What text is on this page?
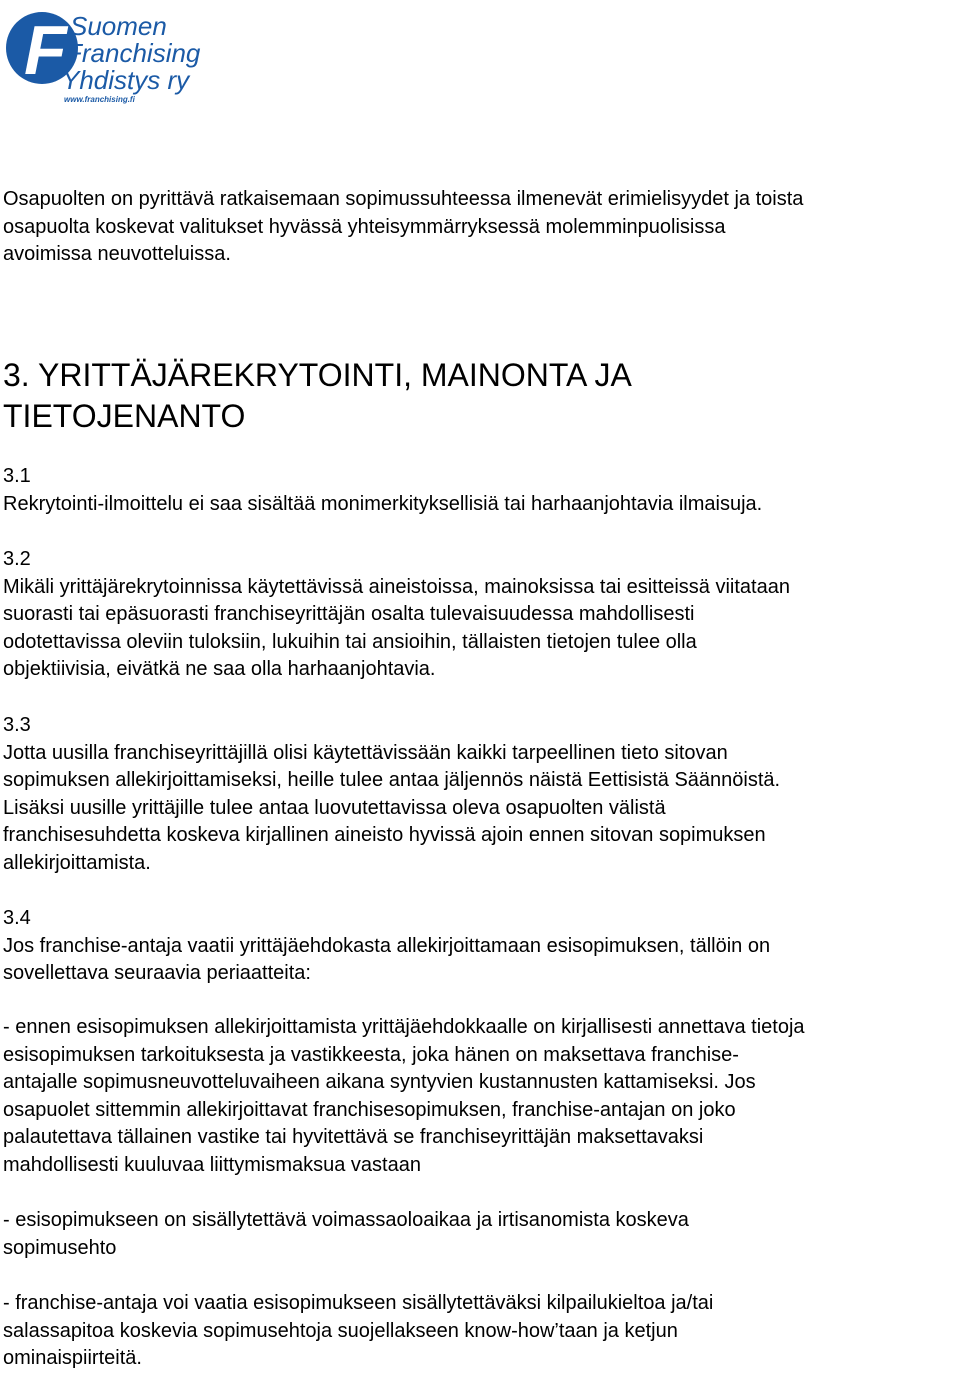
F Suomen
Franchising
Yhdistys ry
www.franchising.fi
Osapuolten on pyrittävä ratkaisemaan sopimussuhteessa ilmenevät erimielisyydet ja toista
osapuolta koskevat valitukset hyvässä yhteisymmärryksessä molemminpuolisissa
avoimissa neuvotteluissa.
3. YRITTÄJÄREKRYTOINTI, MAINONTA JA
TIETOJENANTO
3.1
Rekrytointi-ilmoittelu ei saa sisältää monimerkityksellisiä tai harhaanjohtavia ilmaisuja.
3.2
Mikäli yrittäjärekrytoinnissa käytettävissä aineistoissa, mainoksissa tai esitteissä viitataan
suorasti tai epäsuorasti franchiseyrittäjän osalta tulevaisuudessa mahdollisesti
odotettavissa oleviin tuloksiin, lukuihin tai ansioihin, tällaisten tietojen tulee olla
objektiivisia, eivätkä ne saa olla harhaanjohtavia.
3.3
Jotta uusilla franchiseyrittäjillä olisi käytettävissään kaikki tarpeellinen tieto sitovan
sopimuksen allekirjoittamiseksi, heille tulee antaa jäljennös näistä Eettisistä Säännöistä.
Lisäksi uusille yrittäjille tulee antaa luovutettavissa oleva osapuolten välistä
franchisesuhdetta koskeva kirjallinen aineisto hyvissä ajoin ennen sitovan sopimuksen
allekirjoittamista.
3.4
Jos franchise-antaja vaatii yrittäjäehdokasta allekirjoittamaan esisopimuksen, tällöin on
sovellettava seuraavia periaatteita:
- ennen esisopimuksen allekirjoittamista yrittäjäehdokkaalle on kirjallisesti annettava tietoja
esisopimuksen tarkoituksesta ja vastikkeesta, joka hänen on maksettava franchise-
antajalle sopimusneuvotteluvaiheen aikana syntyvien kustannusten kattamiseksi. Jos
osapuolet sittemmin allekirjoittavat franchisesopimuksen, franchise-antajan on joko
palautettava tällainen vastike tai hyvitettävä se franchiseyrittäjän maksettavaksi
mahdollisesti kuuluvaa liittymismaksua vastaan
- esisopimukseen on sisällytettävä voimassaoloaikaa ja irtisanomista koskeva
sopimusehto
- franchise-antaja voi vaatia esisopimukseen sisällytettäväksi kilpailukieltoa ja/tai
salassapitoa koskevia sopimusehtoja suojellakseen know-how’taan ja ketjun
ominaispiirteitä.
